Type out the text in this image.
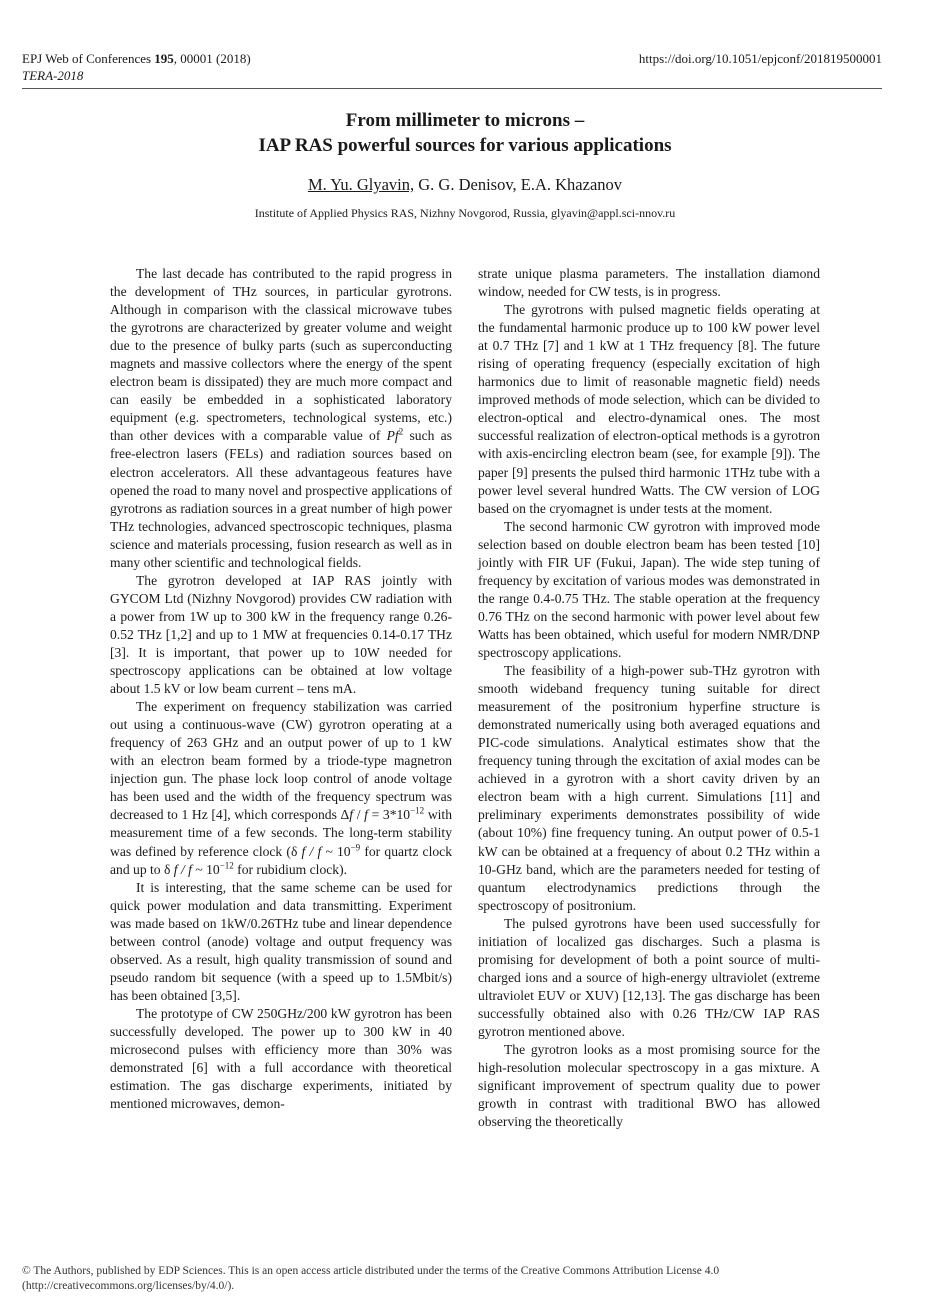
EPJ Web of Conferences 195, 00001 (2018)
TERA-2018
https://doi.org/10.1051/epjconf/201819500001
From millimeter to microns –
IAP RAS powerful sources for various applications
M. Yu. Glyavin, G. G. Denisov, E.A. Khazanov
Institute of Applied Physics RAS, Nizhny Novgorod, Russia, glyavin@appl.sci-nnov.ru

The last decade has contributed to the rapid progress in the development of THz sources, in particular gyrotrons. Although in comparison with the classical microwave tubes the gyrotrons are characterized by greater volume and weight due to the presence of bulky parts (such as superconducting magnets and massive collectors where the energy of the spent electron beam is dissipated) they are much more compact and can easily be embedded in a sophisticated laboratory equipment (e.g. spectrometers, technological systems, etc.) than other devices with a comparable value of Pf$^2$ such as free-electron lasers (FELs) and radiation sources based on electron accelerators. All these advantageous features have opened the road to many novel and prospective applications of gyrotrons as radiation sources in a great number of high power THz technologies, advanced spectroscopic techniques, plasma science and materials processing, fusion research as well as in many other scientific and technological fields.

The gyrotron developed at IAP RAS jointly with GYCOM Ltd (Nizhny Novgorod) provides CW radiation with a power from 1W up to 300 kW in the frequency range 0.26-0.52 THz [1,2] and up to 1 MW at frequencies 0.14-0.17 THz [3]. It is important, that power up to 10W needed for spectroscopy applications can be obtained at low voltage about 1.5 kV or low beam current – tens mA.

The experiment on frequency stabilization was carried out using a continuous-wave (CW) gyrotron operating at a frequency of 263 GHz and an output power of up to 1 kW with an electron beam formed by a triode-type magnetron injection gun. The phase lock loop control of anode voltage has been used and the width of the frequency spectrum was decreased to 1 Hz [4], which corresponds $\Delta f / f = 3*10^{-12}$ with measurement time of a few seconds. The long-term stability was defined by reference clock (δ f / f ~ $10^{-9}$ for quartz clock and up to δ f / f ~ $10^{-12}$ for rubidium clock).

It is interesting, that the same scheme can be used for quick power modulation and data transmitting. Experiment was made based on 1kW/0.26THz tube and linear dependence between control (anode) voltage and output frequency was observed. As a result, high quality transmission of sound and pseudo random bit sequence (with a speed up to 1.5Mbit/s) has been obtained [3,5].

The prototype of CW 250GHz/200 kW gyrotron has been successfully developed. The power up to 300 kW in 40 microsecond pulses with efficiency more than 30% was demonstrated [6] with a full accordance with theoretical estimation. The gas discharge experiments, initiated by mentioned microwaves, demon-

strate unique plasma parameters. The installation diamond window, needed for CW tests, is in progress.

The gyrotrons with pulsed magnetic fields operating at the fundamental harmonic produce up to 100 kW power level at 0.7 THz [7] and 1 kW at 1 THz frequency [8]. The future rising of operating frequency (especially excitation of high harmonics due to limit of reasonable magnetic field) needs improved methods of mode selection, which can be divided to electron-optical and electro-dynamical ones. The most successful realization of electron-optical methods is a gyrotron with axis-encircling electron beam (see, for example [9]). The paper [9] presents the pulsed third harmonic 1THz tube with a power level several hundred Watts. The CW version of LOG based on the cryomagnet is under tests at the moment.

The second harmonic CW gyrotron with improved mode selection based on double electron beam has been tested [10] jointly with FIR UF (Fukui, Japan). The wide step tuning of frequency by excitation of various modes was demonstrated in the range 0.4-0.75 THz. The stable operation at the frequency 0.76 THz on the second harmonic with power level about few Watts has been obtained, which useful for modern NMR/DNP spectroscopy applications.

The feasibility of a high-power sub-THz gyrotron with smooth wideband frequency tuning suitable for direct measurement of the positronium hyperfine structure is demonstrated numerically using both averaged equations and PIC-code simulations. Analytical estimates show that the frequency tuning through the excitation of axial modes can be achieved in a gyrotron with a short cavity driven by an electron beam with a high current. Simulations [11] and preliminary experiments demonstrates possibility of wide (about 10%) fine frequency tuning. An output power of 0.5-1 kW can be obtained at a frequency of about 0.2 THz within a 10-GHz band, which are the parameters needed for testing of quantum electrodynamics predictions through the spectroscopy of positronium.

The pulsed gyrotrons have been used successfully for initiation of localized gas discharges. Such a plasma is promising for development of both a point source of multi-charged ions and a source of high-energy ultraviolet (extreme ultraviolet EUV or XUV) [12,13]. The gas discharge has been successfully obtained also with 0.26 THz/CW IAP RAS gyrotron mentioned above.

The gyrotron looks as a most promising source for the high-resolution molecular spectroscopy in a gas mixture. A significant improvement of spectrum quality due to power growth in contrast with traditional BWO has allowed observing the theoretically

© The Authors, published by EDP Sciences. This is an open access article distributed under the terms of the Creative Commons Attribution License 4.0
(http://creativecommons.org/licenses/by/4.0/).
